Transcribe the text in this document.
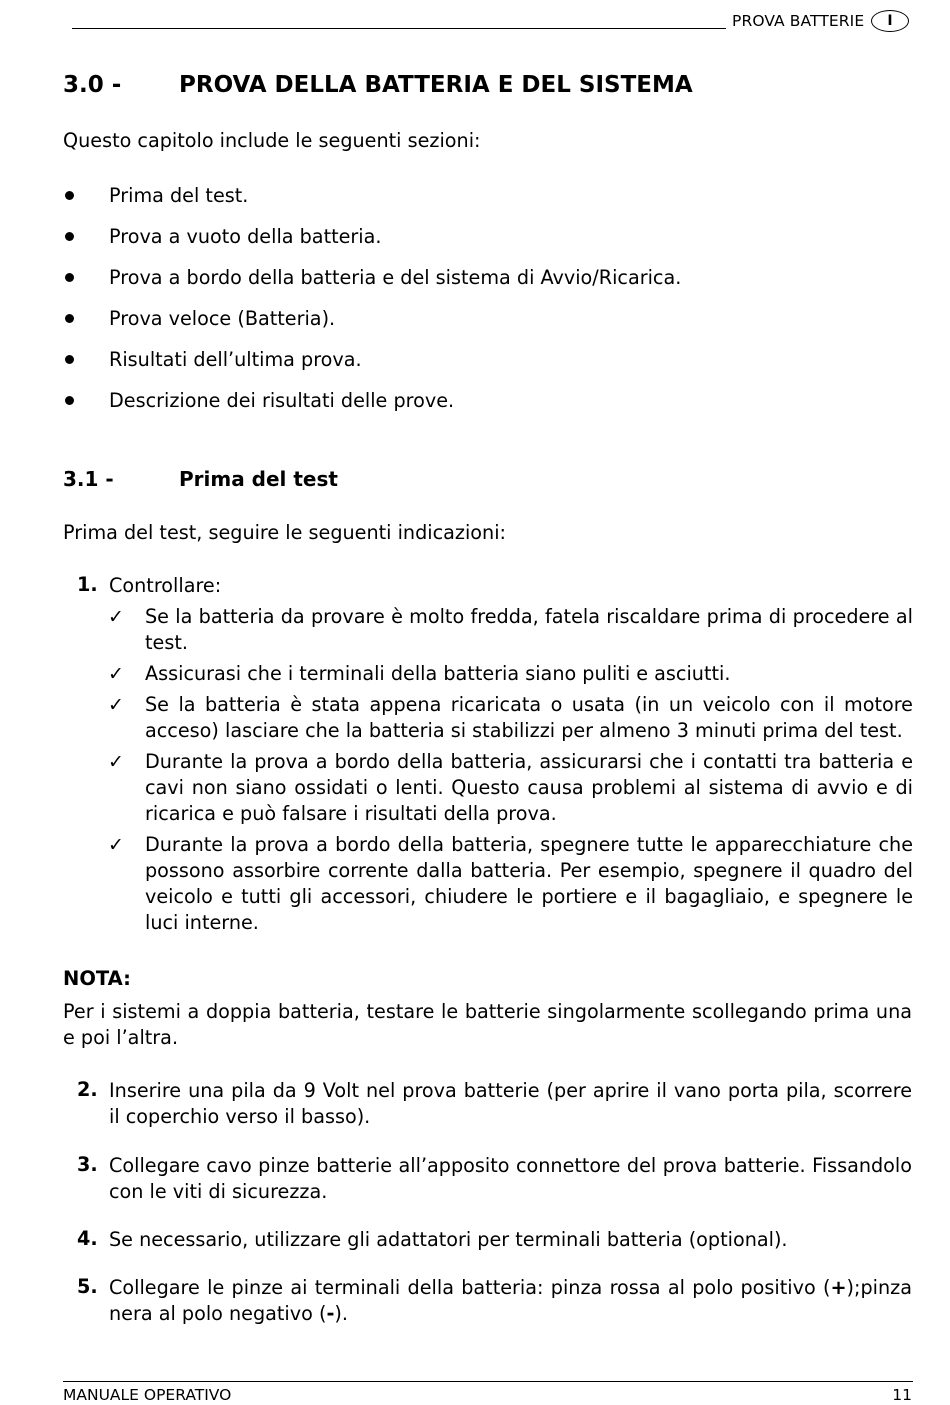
PROVA BATTERIE I
3.0 -	PROVA DELLA BATTERIA E DEL SISTEMA
Questo capitolo include le seguenti sezioni:
Prima del test.
Prova a vuoto della batteria.
Prova a bordo della batteria e del sistema di Avvio/Ricarica.
Prova veloce (Batteria).
Risultati dell’ultima prova.
Descrizione dei risultati delle prove.
3.1 -	Prima del test
Prima del test, seguire le seguenti indicazioni:
1. Controllare:
✓ Se la batteria da provare è molto fredda, fatela riscaldare prima di procedere al test.
✓ Assicurasi che i terminali della batteria siano puliti e asciutti.
✓ Se la batteria è stata appena ricaricata o usata (in un veicolo con il motore acceso) lasciare che la batteria si stabilizzi per almeno 3 minuti prima del test.
✓ Durante la prova a bordo della batteria, assicurarsi che i contatti tra batteria e cavi non siano ossidati o lenti. Questo causa problemi al sistema di avvio e di ricarica e può falsare i risultati della prova.
✓ Durante la prova a bordo della batteria, spegnere tutte le apparecchiature che possono assorbire corrente dalla batteria. Per esempio, spegnere il quadro del veicolo e tutti gli accessori, chiudere le portiere e il bagagliaio, e spegnere le luci interne.
NOTA:
Per i sistemi a doppia batteria, testare le batterie singolarmente scollegando prima una e poi l’altra.
2. Inserire una pila da 9 Volt nel prova batterie (per aprire il vano porta pila, scorrere il coperchio verso il basso).
3. Collegare cavo pinze batterie all’apposito connettore del prova batterie. Fissandolo con le viti di sicurezza.
4. Se necessario, utilizzare gli adattatori per terminali batteria (optional).
5. Collegare le pinze ai terminali della batteria: pinza rossa al polo positivo (+);pinza nera al polo negativo (-).
MANUALE OPERATIVO	11
